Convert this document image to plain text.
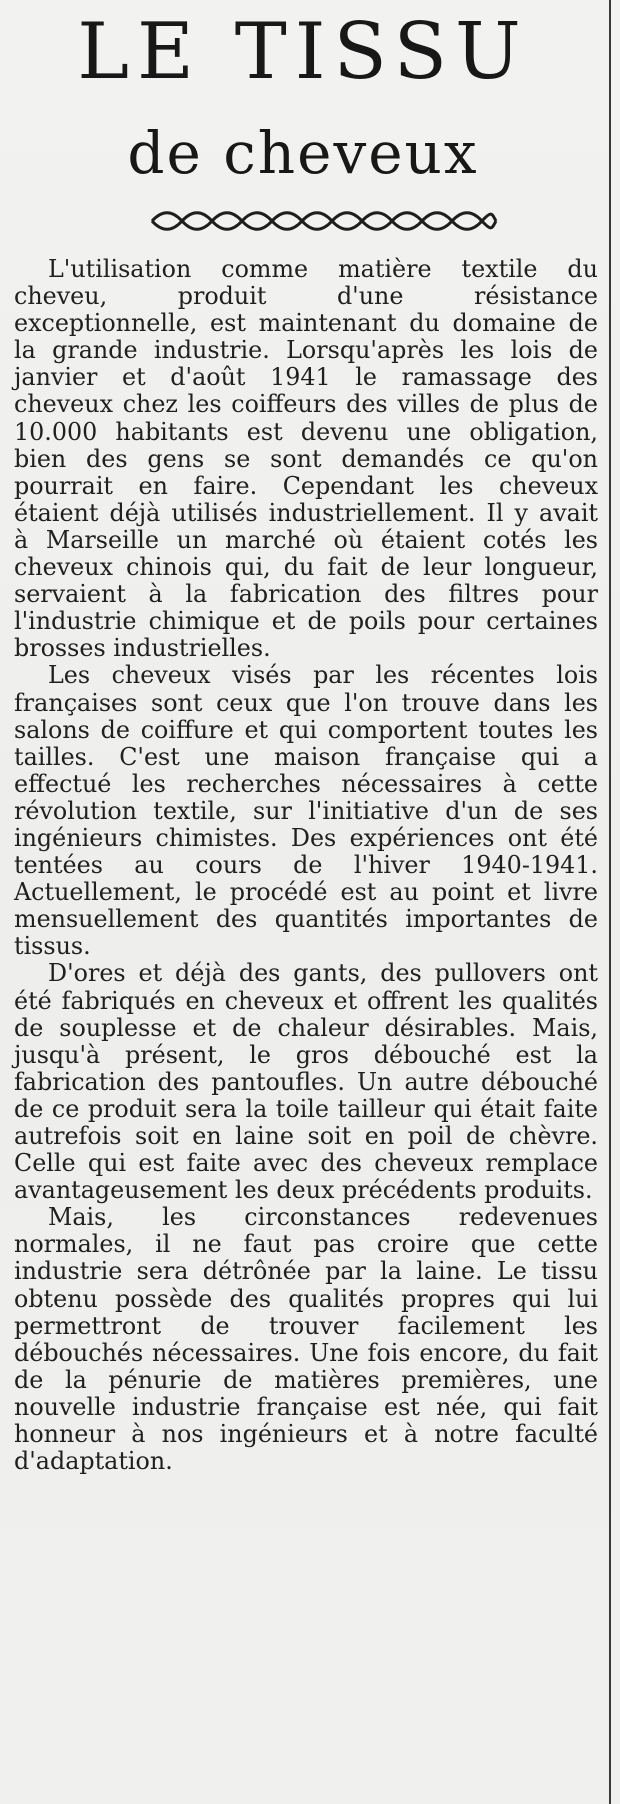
LE TISSU
de cheveux

L'utilisation comme matière textile du cheveu, produit d'une résistance exceptionnelle, est maintenant du domaine de la grande industrie. Lorsqu'après les lois de janvier et d'août 1941 le ramassage des cheveux chez les coiffeurs des villes de plus de 10.000 habitants est devenu une obligation, bien des gens se sont demandés ce qu'on pourrait en faire. Cependant les cheveux étaient déjà utilisés industriellement. Il y avait à Marseille un marché où étaient cotés les cheveux chinois qui, du fait de leur longueur, servaient à la fabrication des filtres pour l'industrie chimique et de poils pour certaines brosses industrielles.

Les cheveux visés par les récentes lois françaises sont ceux que l'on trouve dans les salons de coiffure et qui comportent toutes les tailles. C'est une maison française qui a effectué les recherches nécessaires à cette révolution textile, sur l'initiative d'un de ses ingénieurs chimistes. Des expériences ont été tentées au cours de l'hiver 1940-1941. Actuellement, le procédé est au point et livre mensuellement des quantités importantes de tissus.

D'ores et déjà des gants, des pullovers ont été fabriqués en cheveux et offrent les qualités de souplesse et de chaleur désirables. Mais, jusqu'à présent, le gros débouché est la fabrication des pantoufles. Un autre débouché de ce produit sera la toile tailleur qui était faite autrefois soit en laine soit en poil de chèvre. Celle qui est faite avec des cheveux remplace avantageusement les deux précédents produits.

Mais, les circonstances redevenues normales, il ne faut pas croire que cette industrie sera détrônée par la laine. Le tissu obtenu possède des qualités propres qui lui permettront de trouver facilement les débouchés nécessaires. Une fois encore, du fait de la pénurie de matières premières, une nouvelle industrie française est née, qui fait honneur à nos ingénieurs et à notre faculté d'adaptation.
